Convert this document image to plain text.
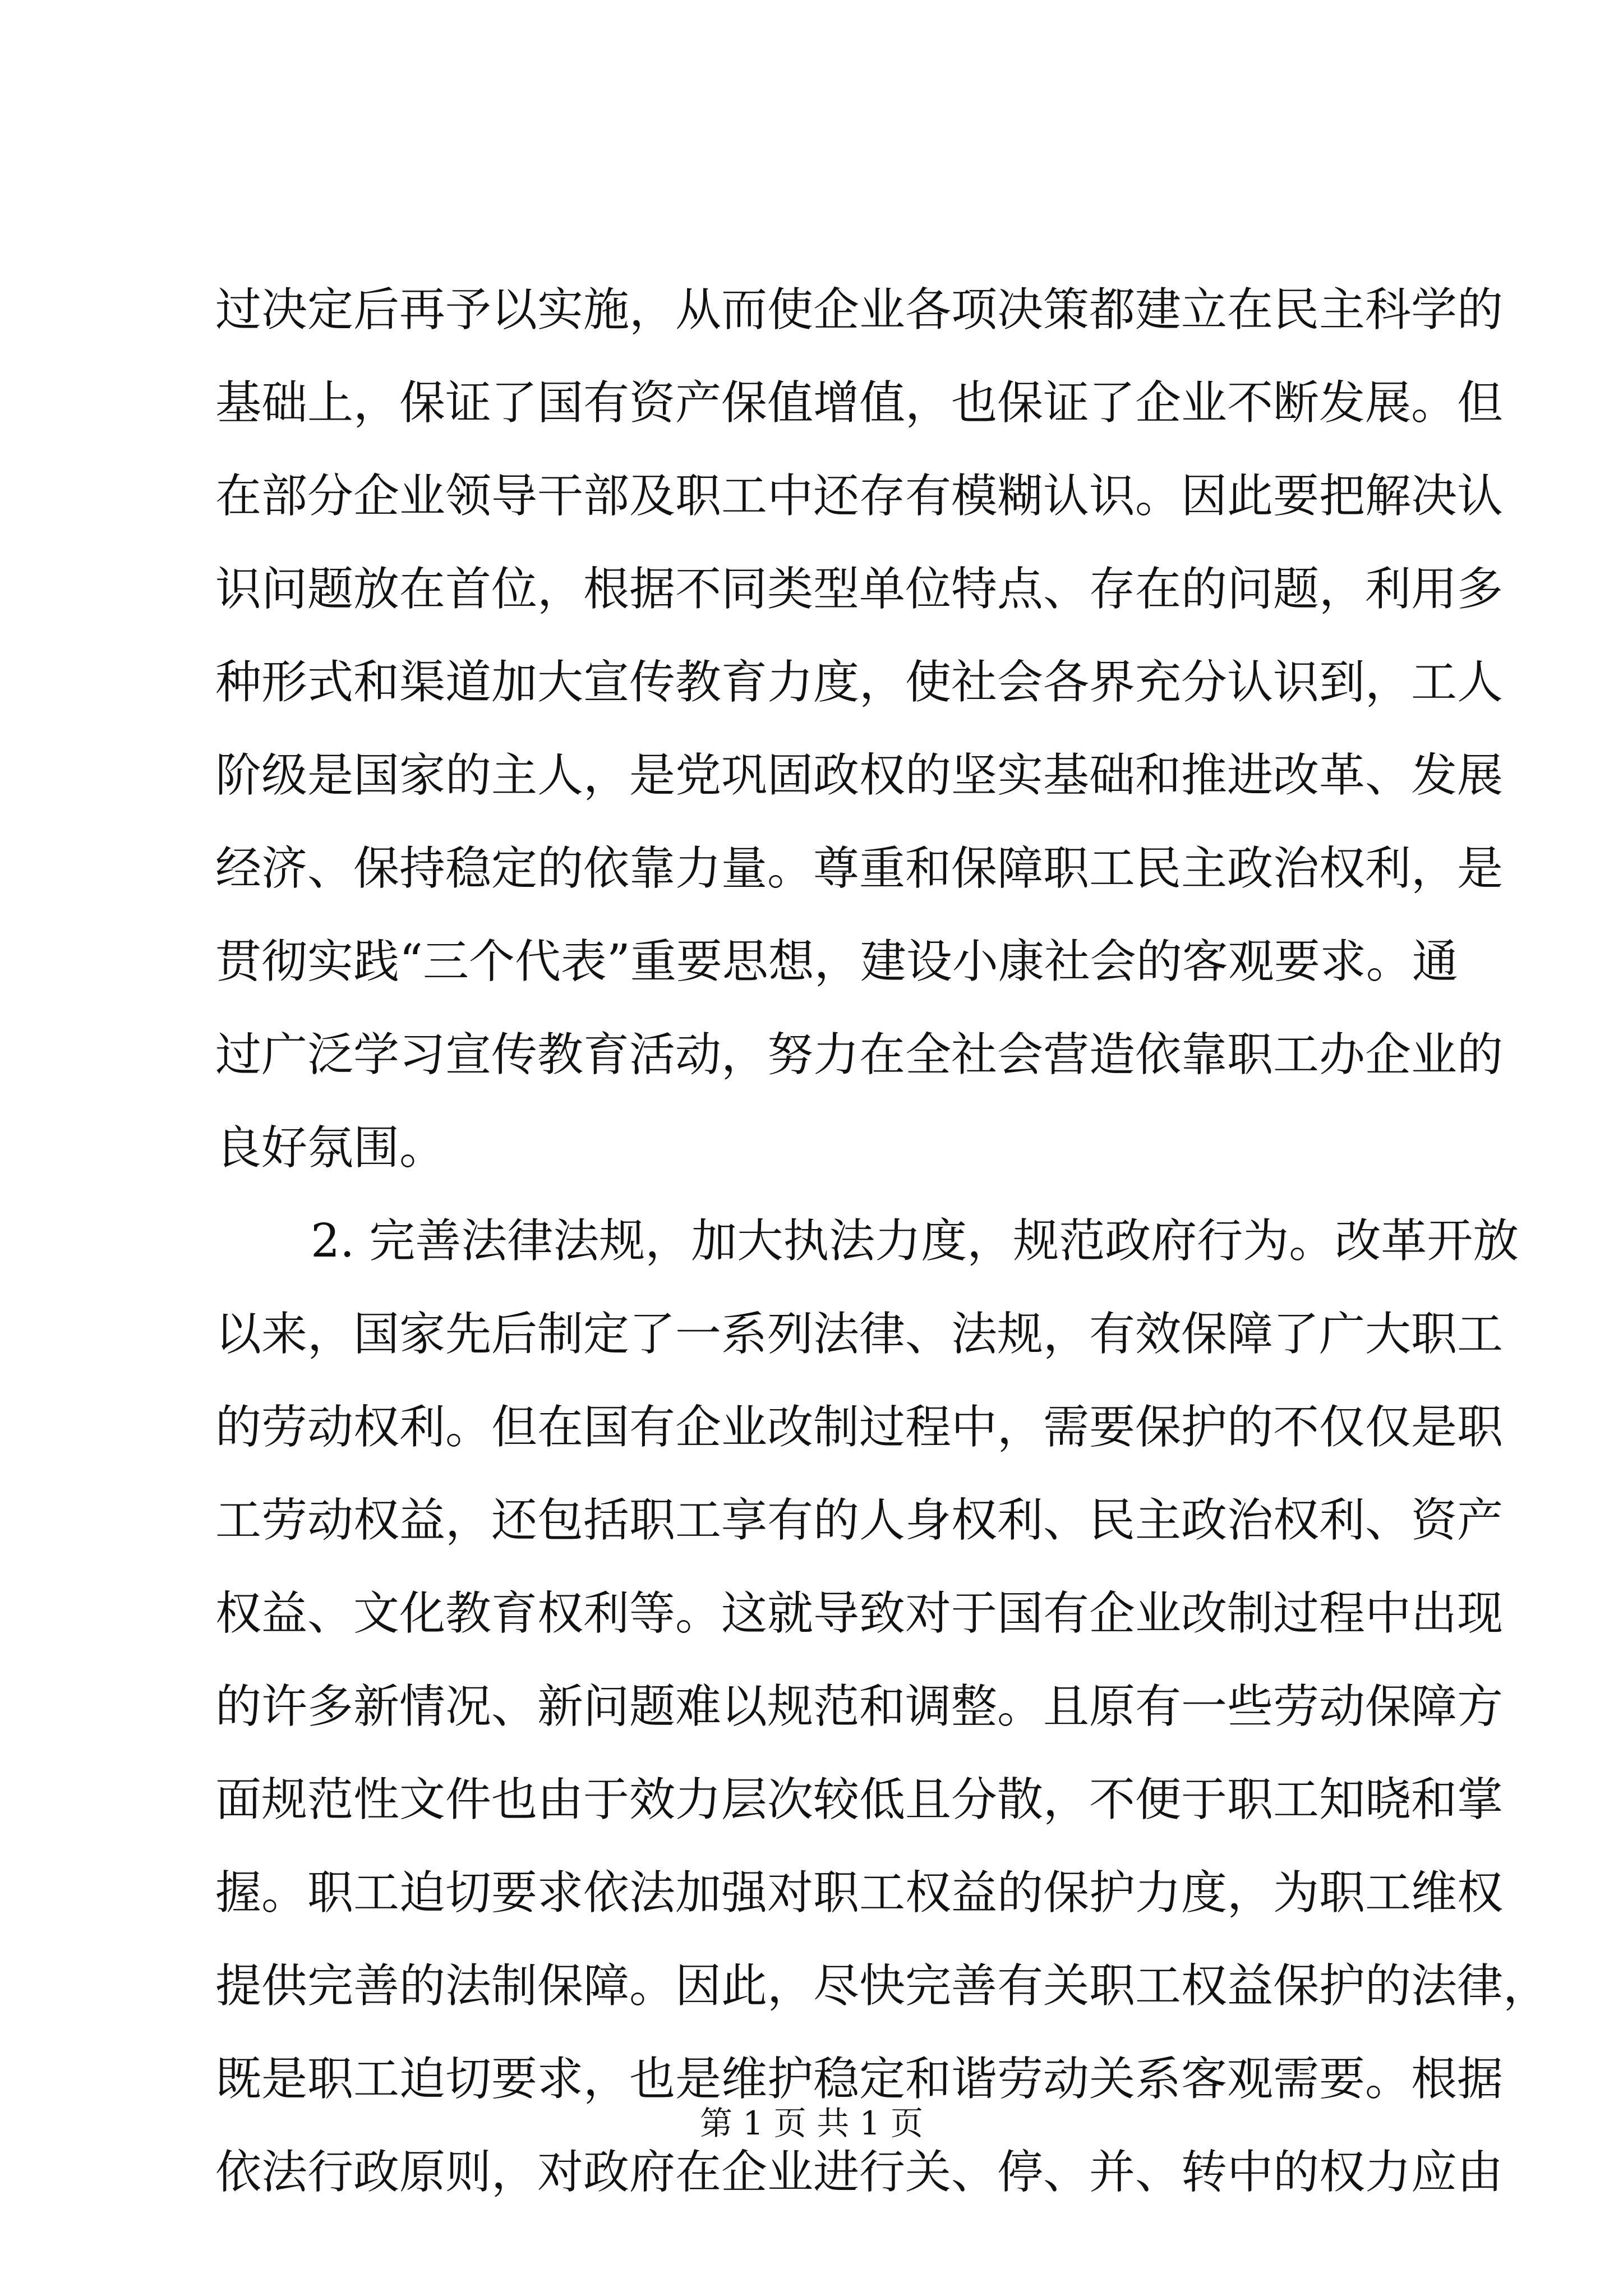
过决定后再予以实施，从而使企业各项决策都建立在民主科学的
基础上，保证了国有资产保值增值，也保证了企业不断发展。但
在部分企业领导干部及职工中还存有模糊认识。因此要把解决认
识问题放在首位，根据不同类型单位特点、存在的问题，利用多
种形式和渠道加大宣传教育力度，使社会各界充分认识到，工人
阶级是国家的主人，是党巩固政权的坚实基础和推进改革、发展
经济、保持稳定的依靠力量。尊重和保障职工民主政治权利，是
贯彻实践“三个代表”重要思想，建设小康社会的客观要求。通
过广泛学习宣传教育活动，努力在全社会营造依靠职工办企业的
良好氛围。
2. 完善法律法规，加大执法力度，规范政府行为。改革开放
以来，国家先后制定了一系列法律、法规，有效保障了广大职工
的劳动权利。但在国有企业改制过程中，需要保护的不仅仅是职
工劳动权益，还包括职工享有的人身权利、民主政治权利、资产
权益、文化教育权利等。这就导致对于国有企业改制过程中出现
的许多新情况、新问题难以规范和调整。且原有一些劳动保障方
面规范性文件也由于效力层次较低且分散，不便于职工知晓和掌
握。职工迫切要求依法加强对职工权益的保护力度，为职工维权
提供完善的法制保障。因此，尽快完善有关职工权益保护的法律，
既是职工迫切要求，也是维护稳定和谐劳动关系客观需要。根据
依法行政原则，对政府在企业进行关、停、并、转中的权力应由
第 1 页 共 1 页
